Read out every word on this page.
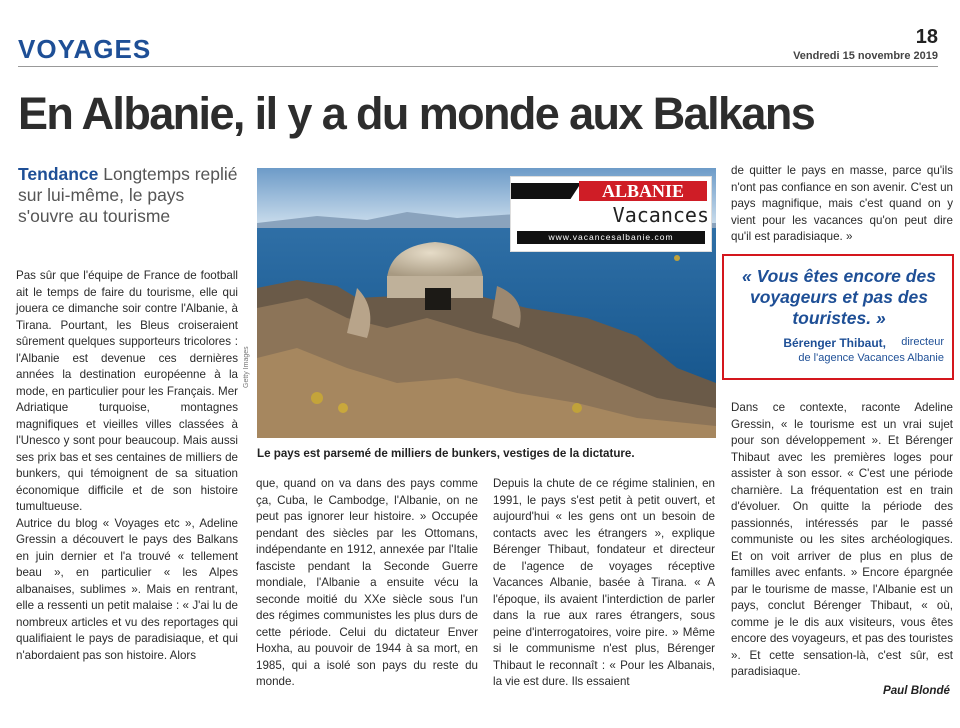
VOYAGES	18
Vendredi 15 novembre 2019
En Albanie, il y a du monde aux Balkans
Tendance Longtemps replié sur lui-même, le pays s'ouvre au tourisme

Pas sûr que l'équipe de France de football ait le temps de faire du tourisme, elle qui jouera ce dimanche soir contre l'Albanie, à Tirana. Pourtant, les Bleus croiseraient sûrement quelques supporteurs tricolores : l'Albanie est devenue ces dernières années la destination européenne à la mode, en particulier pour les Français. Mer Adriatique turquoise, montagnes magnifiques et vieilles villes classées à l'Unesco y sont pour beaucoup. Mais aussi ses prix bas et ses centaines de milliers de bunkers, qui témoignent de sa situation économique difficile et de son histoire tumultueuse.
Autrice du blog « Voyages etc », Adeline Gressin a découvert le pays des Balkans en juin dernier et l'a trouvé « tellement beau », en particulier « les Alpes albanaises, sublimes ». Mais en rentrant, elle a ressenti un petit malaise : « J'ai lu de nombreux articles et vu des reportages qui qualifiaient le pays de paradisiaque, et qui n'abordaient pas son histoire. Alors

Getty Images
ALBANIE
Vacances
www.vacancesalbanie.com
Le pays est parsemé de milliers de bunkers, vestiges de la dictature.

que, quand on va dans des pays comme ça, Cuba, le Cambodge, l'Albanie, on ne peut pas ignorer leur histoire. » Occupée pendant des siècles par les Ottomans, indépendante en 1912, annexée par l'Italie fasciste pendant la Seconde Guerre mondiale, l'Albanie a ensuite vécu la seconde moitié du XXe siècle sous l'un des régimes communistes les plus durs de cette période. Celui du dictateur Enver Hoxha, au pouvoir de 1944 à sa mort, en 1985, qui a isolé son pays du reste du monde.

Depuis la chute de ce régime stalinien, en 1991, le pays s'est petit à petit ouvert, et aujourd'hui « les gens ont un besoin de contacts avec les étrangers », explique Bérenger Thibaut, fondateur et directeur de l'agence de voyages réceptive Vacances Albanie, basée à Tirana. « A l'époque, ils avaient l'interdiction de parler dans la rue aux rares étrangers, sous peine d'interrogatoires, voire pire. » Même si le communisme n'est plus, Bérenger Thibaut le reconnaît : « Pour les Albanais, la vie est dure. Ils essaient

de quitter le pays en masse, parce qu'ils n'ont pas confiance en son avenir. C'est un pays magnifique, mais c'est quand on y vient pour les vacances qu'on peut dire qu'il est paradisiaque. »

« Vous êtes encore des voyageurs et pas des touristes. »
Bérenger Thibaut, directeur
de l'agence Vacances Albanie

Dans ce contexte, raconte Adeline Gressin, « le tourisme est un vrai sujet pour son développement ». Et Bérenger Thibaut avec les premières loges pour assister à son essor. « C'est une période charnière. La fréquentation est en train d'évoluer. On quitte la période des passionnés, intéressés par le passé communiste ou les sites archéologiques. Et on voit arriver de plus en plus de familles avec enfants. » Encore épargnée par le tourisme de masse, l'Albanie est un pays, conclut Bérenger Thibaut, « où, comme je le dis aux visiteurs, vous êtes encore des voyageurs, et pas des touristes ». Et cette sensation-là, c'est sûr, est paradisiaque.

Paul Blondé
